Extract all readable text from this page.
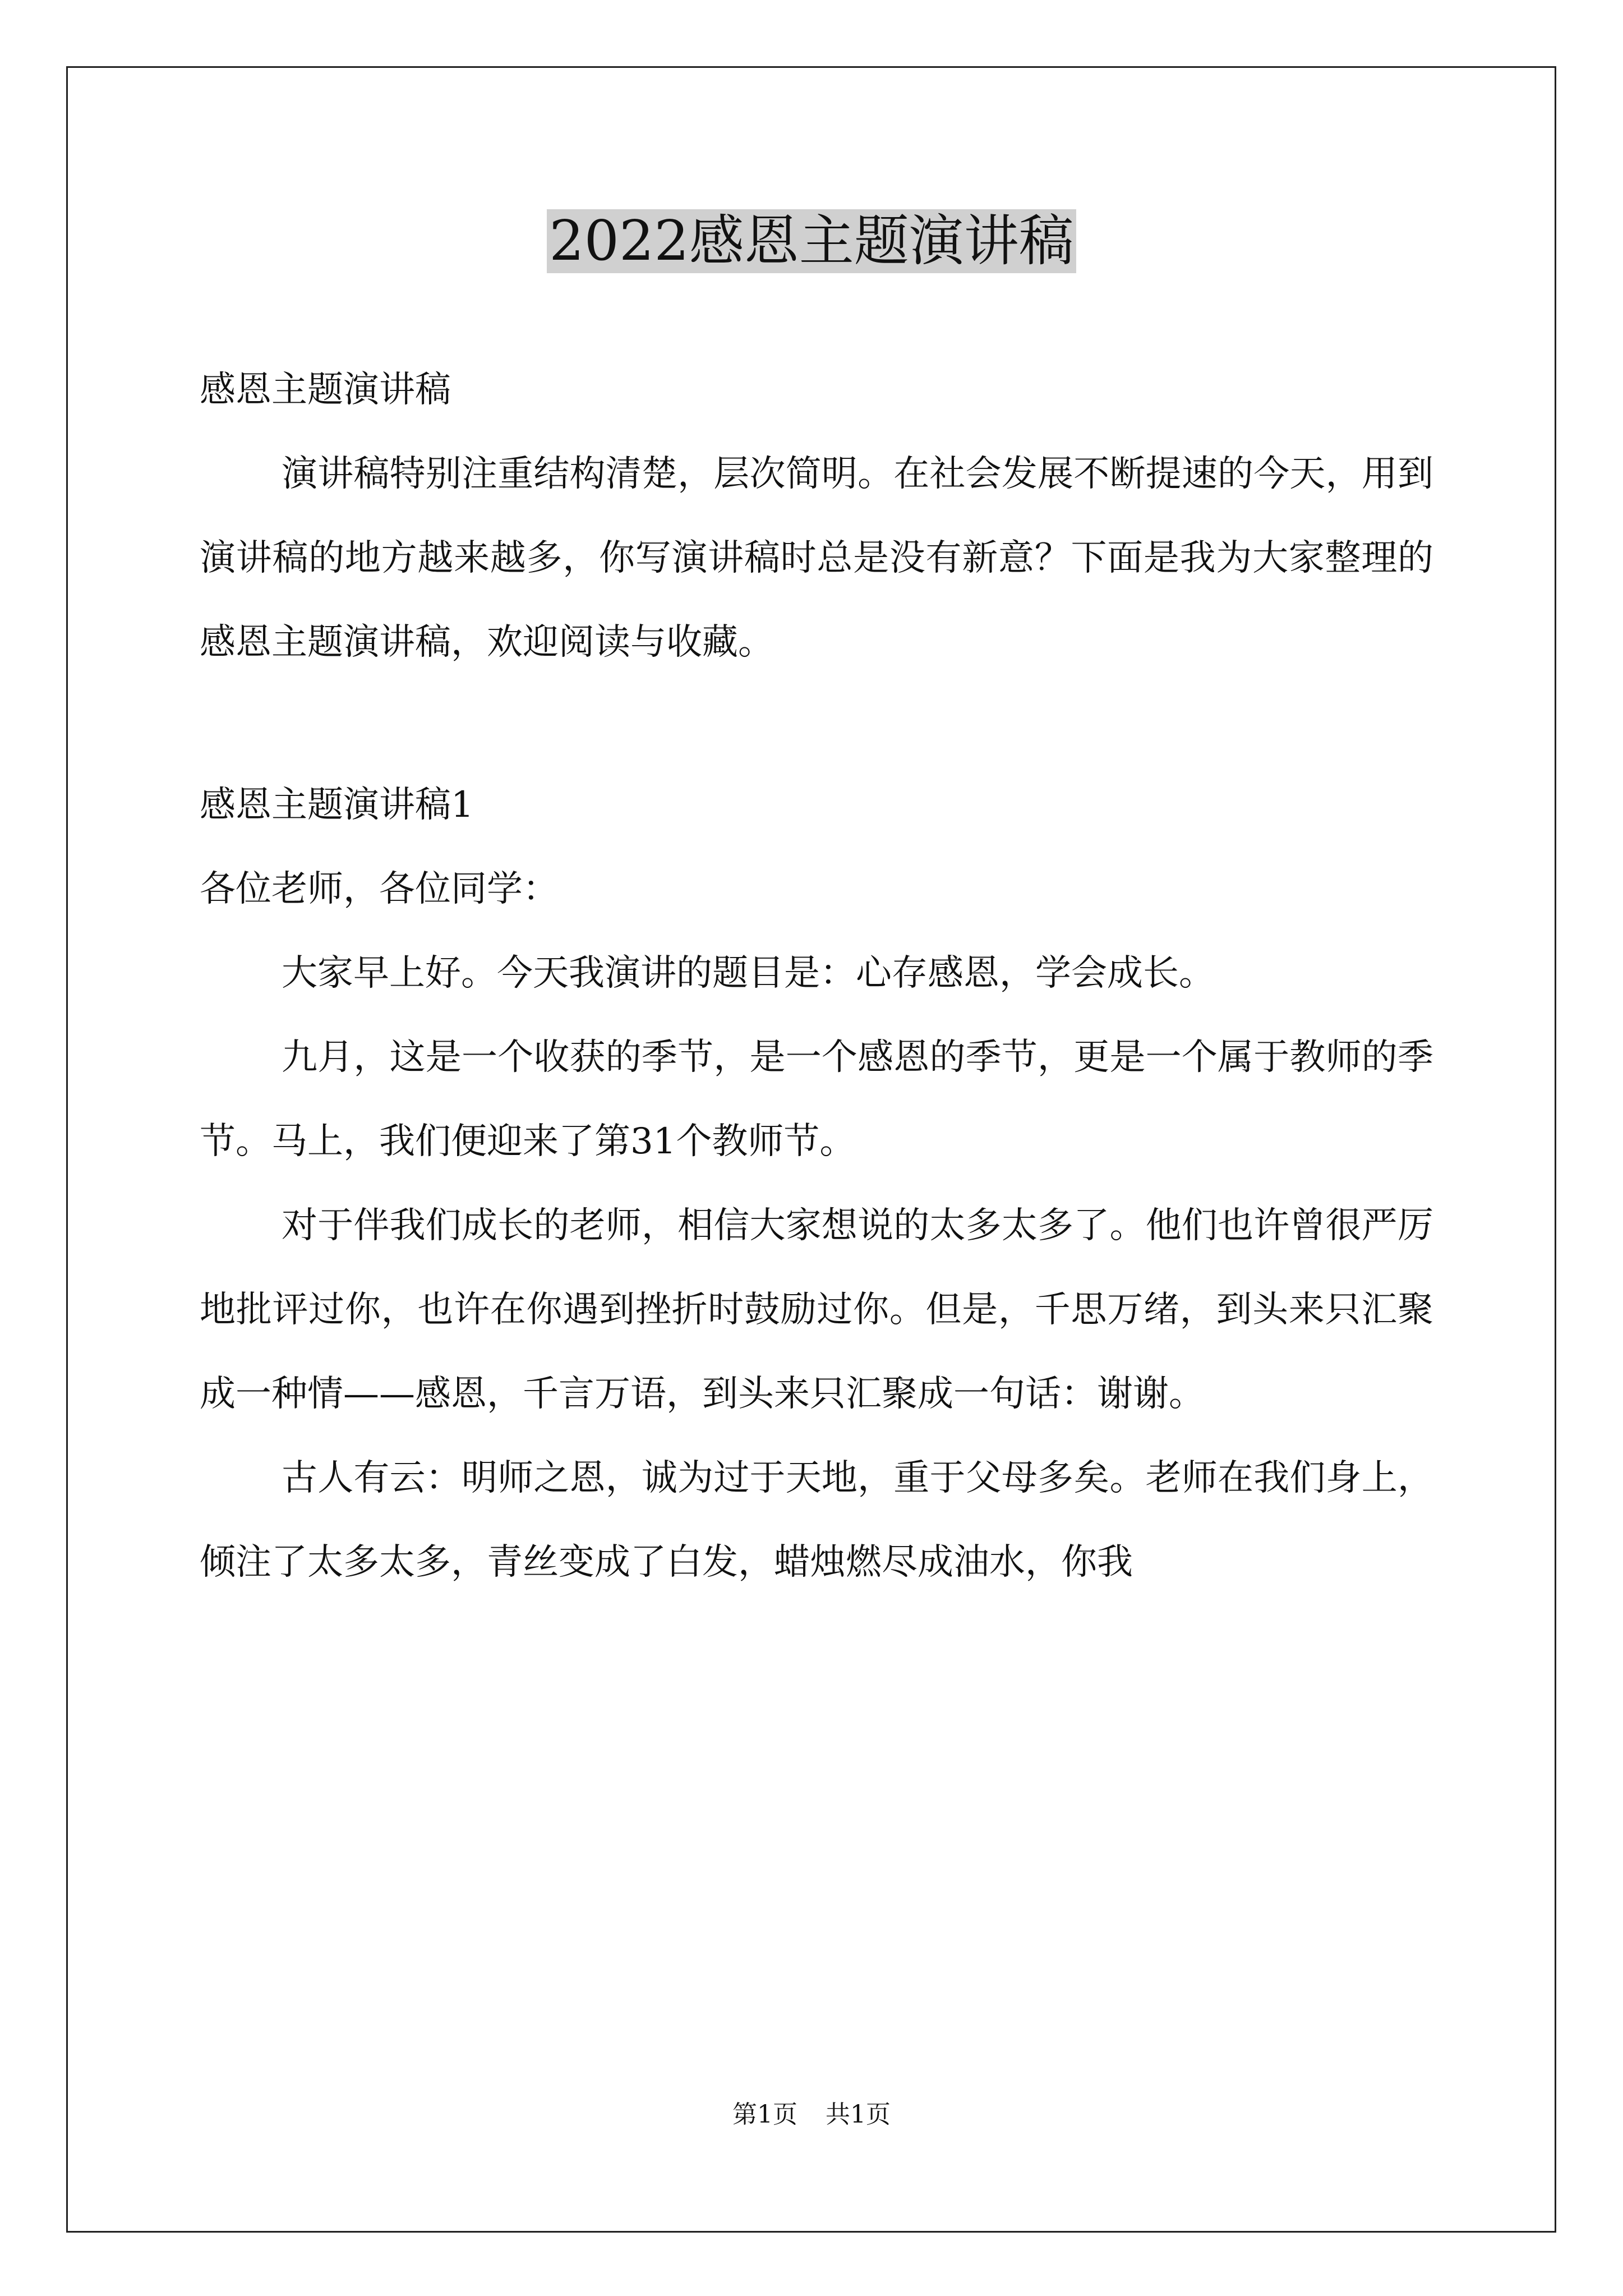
2022感恩主题演讲稿

感恩主题演讲稿

演讲稿特别注重结构清楚，层次简明。在社会发展不断提速的今天，用到演讲稿的地方越来越多，你写演讲稿时总是没有新意？下面是我为大家整理的感恩主题演讲稿，欢迎阅读与收藏。

感恩主题演讲稿1

各位老师，各位同学：

大家早上好。今天我演讲的题目是：心存感恩，学会成长。

九月，这是一个收获的季节，是一个感恩的季节，更是一个属于教师的季节。马上，我们便迎来了第31个教师节。

对于伴我们成长的老师，相信大家想说的太多太多了。他们也许曾很严厉地批评过你，也许在你遇到挫折时鼓励过你。但是，千思万绪，到头来只汇聚成一种情——感恩，千言万语，到头来只汇聚成一句话：谢谢。

古人有云：明师之恩，诚为过于天地，重于父母多矣。老师在我们身上，倾注了太多太多，青丝变成了白发，蜡烛燃尽成油水，你我

第1页 共1页
